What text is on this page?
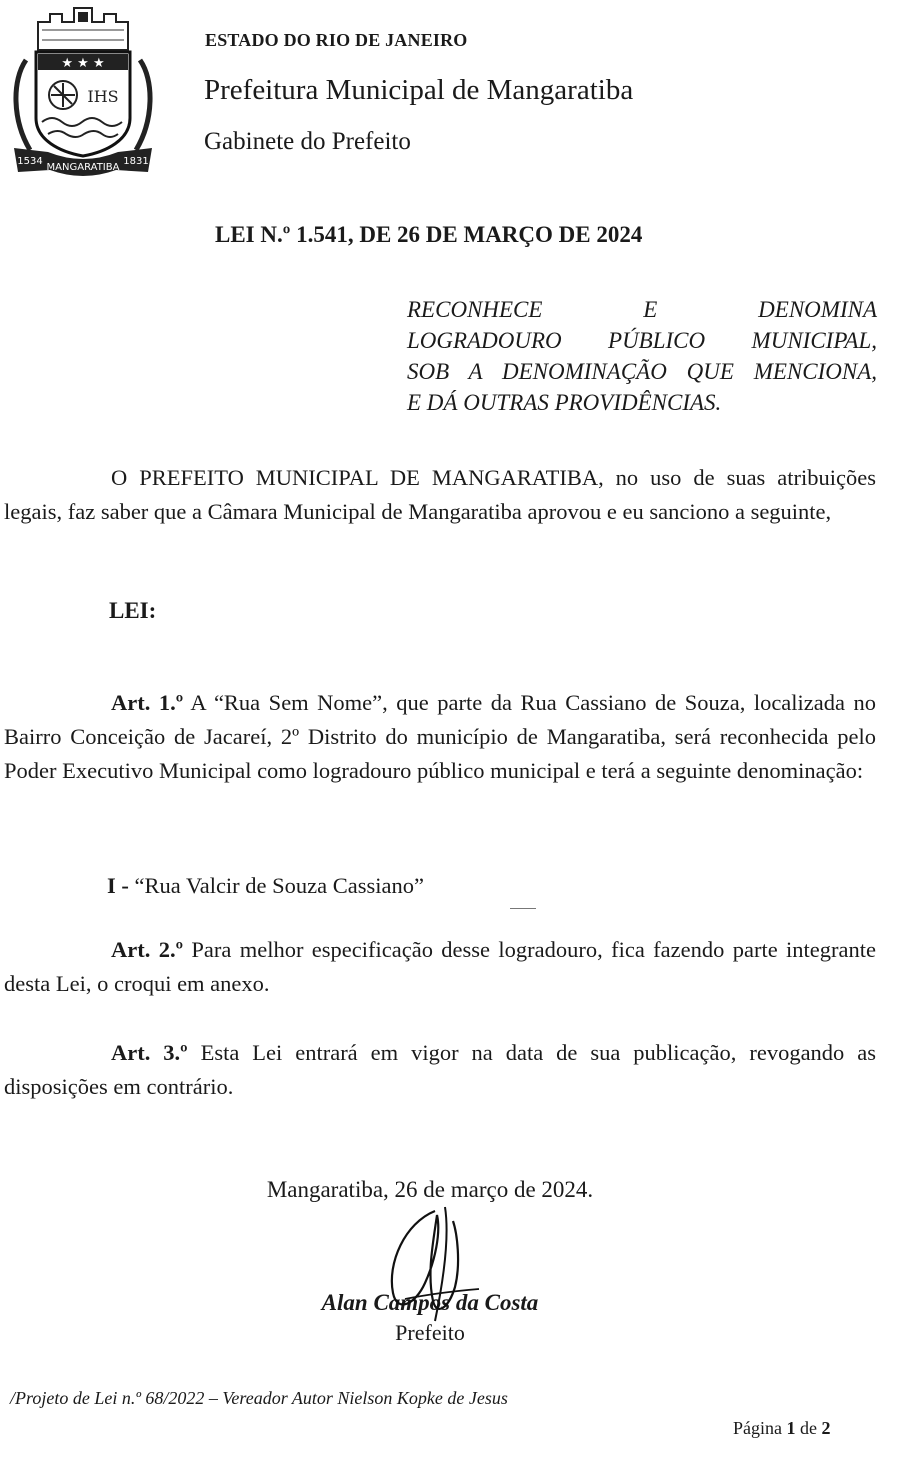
★ ★ ★
IHS
1534
MANGARATIBA
1831
ESTADO DO RIO DE JANEIRO
Prefeitura Municipal de Mangaratiba
Gabinete do Prefeito
LEI N.º 1.541, DE 26 DE MARÇO DE 2024
RECONHECE E DENOMINA
LOGRADOURO PÚBLICO MUNICIPAL,
SOB A DENOMINAÇÃO QUE MENCIONA,
E DÁ OUTRAS PROVIDÊNCIAS.
O PREFEITO MUNICIPAL DE MANGARATIBA, no uso de suas atribuições legais, faz saber que a Câmara Municipal de Mangaratiba aprovou e eu sanciono a seguinte,
LEI:
Art. 1.º A “Rua Sem Nome”, que parte da Rua Cassiano de Souza, localizada no Bairro Conceição de Jacareí, 2º Distrito do município de Mangaratiba, será reconhecida pelo Poder Executivo Municipal como logradouro público municipal e terá a seguinte denominação:
I - “Rua Valcir de Souza Cassiano”
Art. 2.º Para melhor especificação desse logradouro, fica fazendo parte integrante desta Lei, o croqui em anexo.
Art. 3.º Esta Lei entrará em vigor na data de sua publicação, revogando as disposições em contrário.
Mangaratiba, 26 de março de 2024.
Alan Campos da Costa
Prefeito
/Projeto de Lei n.º 68/2022 – Vereador Autor Nielson Kopke de Jesus
Página 1 de 2
